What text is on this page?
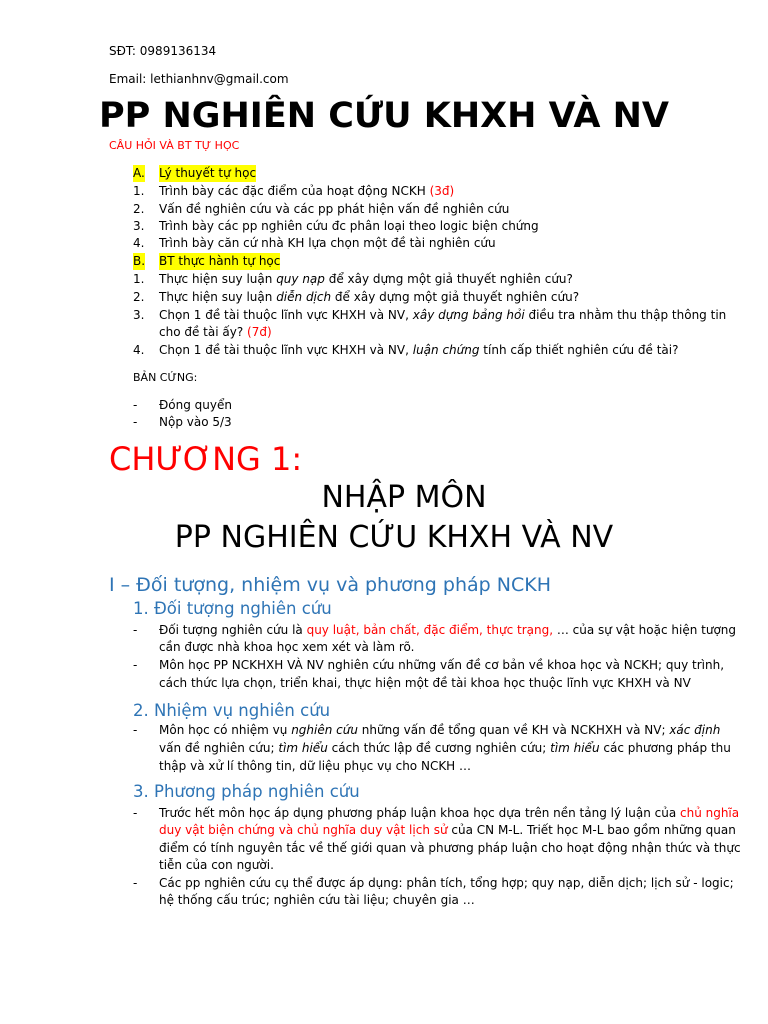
SĐT: 0989136134
Email: lethianhnv@gmail.com
PP NGHIÊN CỨU KHXH VÀ NV
CÂU HỎI VÀ BT TỰ HỌC
A. Lý thuyết tự học
1. Trình bày các đặc điểm của hoạt động NCKH (3đ)
2. Vấn đề nghiên cứu và các pp phát hiện vấn đề nghiên cứu
3. Trình bày các pp nghiên cứu đc phân loại theo logic biện chứng
4. Trình bày căn cứ nhà KH lựa chọn một đề tài nghiên cứu
B. BT thực hành tự học
1. Thực hiện suy luận quy nạp để xây dựng một giả thuyết nghiên cứu?
2. Thực hiện suy luận diễn dịch để xây dựng một giả thuyết nghiên cứu?
3. Chọn 1 đề tài thuộc lĩnh vực KHXH và NV, xây dựng bảng hỏi điều tra nhằm thu thập thông tin
cho đề tài ấy? (7đ)
4. Chọn 1 đề tài thuộc lĩnh vực KHXH và NV, luận chứng tính cấp thiết nghiên cứu đề tài?
BẢN CỨNG:
- Đóng quyển
- Nộp vào 5/3
CHƯƠNG 1:
NHẬP MÔN
PP NGHIÊN CỨU KHXH VÀ NV
I – Đối tượng, nhiệm vụ và phương pháp NCKH
1. Đối tượng nghiên cứu
- Đối tượng nghiên cứu là quy luật, bản chất, đặc điểm, thực trạng, … của sự vật hoặc hiện tượng
cần được nhà khoa học xem xét và làm rõ.
- Môn học PP NCKHXH VÀ NV nghiên cứu những vấn đề cơ bản về khoa học và NCKH; quy trình,
cách thức lựa chọn, triển khai, thực hiện một đề tài khoa học thuộc lĩnh vực KHXH và NV
2. Nhiệm vụ nghiên cứu
- Môn học có nhiệm vụ nghiên cứu những vấn đề tổng quan về KH và NCKHXH và NV; xác định
vấn đề nghiên cứu; tìm hiểu cách thức lập đề cương nghiên cứu; tìm hiểu các phương pháp thu
thập và xử lí thông tin, dữ liệu phục vụ cho NCKH …
3. Phương pháp nghiên cứu
- Trước hết môn học áp dụng phương pháp luận khoa học dựa trên nền tảng lý luận của chủ nghĩa
duy vật biện chứng và chủ nghĩa duy vật lịch sử của CN M-L. Triết học M-L bao gồm những quan
điểm có tính nguyên tắc về thế giới quan và phương pháp luận cho hoạt động nhận thức và thực
tiễn của con người.
- Các pp nghiên cứu cụ thể được áp dụng: phân tích, tổng hợp; quy nạp, diễn dịch; lịch sử - logic;
hệ thống cấu trúc; nghiên cứu tài liệu; chuyên gia …
